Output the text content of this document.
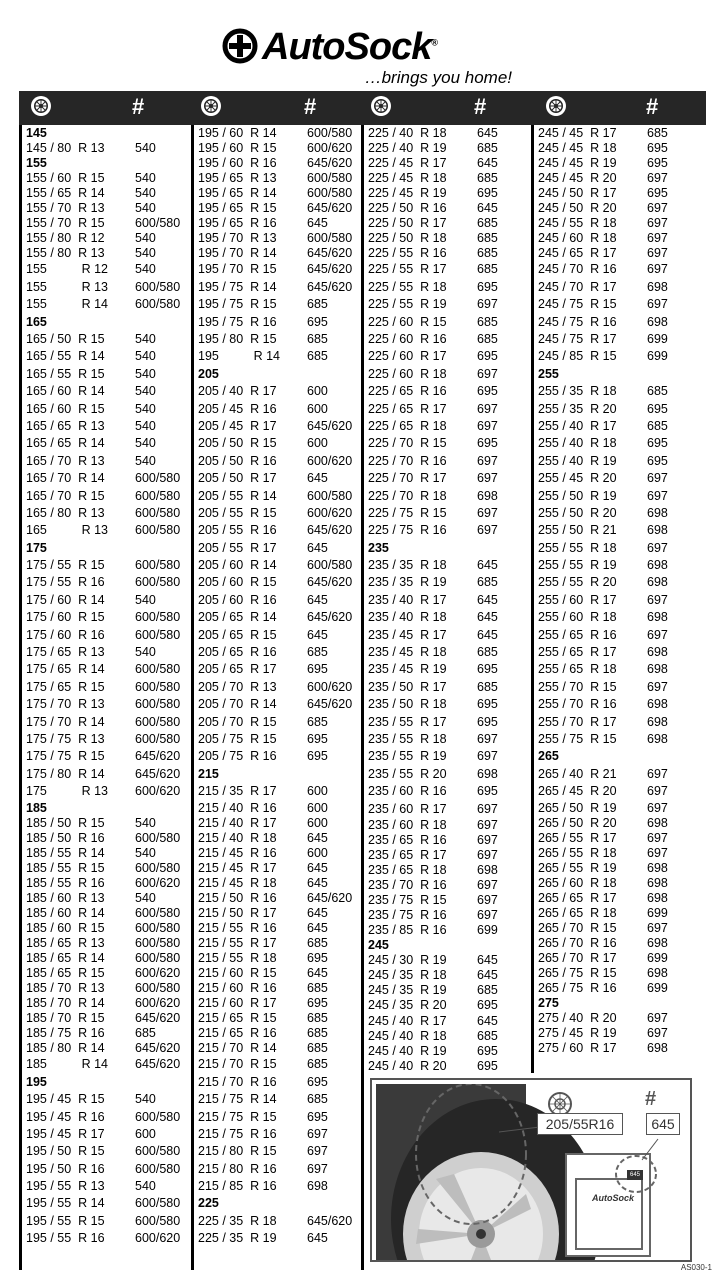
AutoSock®
…brings you home!
#	#	#	#
145
145 / 80  R 13 540
155
155 / 60  R 15 540
155 / 65  R 14 540
155 / 70  R 13 540
155 / 70  R 15 600/580
155 / 80  R 12 540
155 / 80  R 13 540
155          R 12 540
155          R 13 600/580
155          R 14 600/580
165
165 / 50  R 15 540
165 / 55  R 14 540
165 / 55  R 15 540
165 / 60  R 14 540
165 / 60  R 15 540
165 / 65  R 13 540
165 / 65  R 14 540
165 / 70  R 13 540
165 / 70  R 14 600/580
165 / 70  R 15 600/580
165 / 80  R 13 600/580
165          R 13 600/580
175
175 / 55  R 15 600/580
175 / 55  R 16 600/580
175 / 60  R 14 540
175 / 60  R 15 600/580
175 / 60  R 16 600/580
175 / 65  R 13 540
175 / 65  R 14 600/580
175 / 65  R 15 600/580
175 / 70  R 13 600/580
175 / 70  R 14 600/580
175 / 75  R 13 600/580
175 / 75  R 15 645/620
175 / 80  R 14 645/620
175          R 13 600/620
185
185 / 50  R 15 540
185 / 50  R 16 600/580
185 / 55  R 14 540
185 / 55  R 15 600/580
185 / 55  R 16 600/620
185 / 60  R 13 540
185 / 60  R 14 600/580
185 / 60  R 15 600/580
185 / 65  R 13 600/580
185 / 65  R 14 600/580
185 / 65  R 15 600/620
185 / 70  R 13 600/580
185 / 70  R 14 600/620
185 / 70  R 15 645/620
185 / 75  R 16 685
185 / 80  R 14 645/620
185          R 14 645/620
195
195 / 45  R 15 540
195 / 45  R 16 600/580
195 / 45  R 17 600
195 / 50  R 15 600/580
195 / 50  R 16 600/580
195 / 55  R 13 540
195 / 55  R 14 600/580
195 / 55  R 15 600/580
195 / 55  R 16 600/620
195 / 60  R 14 600/580
195 / 60  R 15 600/620
195 / 60  R 16 645/620
195 / 65  R 13 600/580
195 / 65  R 14 600/580
195 / 65  R 15 645/620
195 / 65  R 16 645
195 / 70  R 13 600/580
195 / 70  R 14 645/620
195 / 70  R 15 645/620
195 / 75  R 14 645/620
195 / 75  R 15 685
195 / 75  R 16 695
195 / 80  R 15 685
195          R 14 685
205
205 / 40  R 17 600
205 / 45  R 16 600
205 / 45  R 17 645/620
205 / 50  R 15 600
205 / 50  R 16 600/620
205 / 50  R 17 645
205 / 55  R 14 600/580
205 / 55  R 15 600/620
205 / 55  R 16 645/620
205 / 55  R 17 645
205 / 60  R 14 600/580
205 / 60  R 15 645/620
205 / 60  R 16 645
205 / 65  R 14 645/620
205 / 65  R 15 645
205 / 65  R 16 685
205 / 65  R 17 695
205 / 70  R 13 600/620
205 / 70  R 14 645/620
205 / 70  R 15 685
205 / 75  R 15 695
205 / 75  R 16 695
215
215 / 35  R 17 600
215 / 40  R 16 600
215 / 40  R 17 600
215 / 40  R 18 645
215 / 45  R 16 600
215 / 45  R 17 645
215 / 45  R 18 645
215 / 50  R 16 645/620
215 / 50  R 17 645
215 / 55  R 16 645
215 / 55  R 17 685
215 / 55  R 18 695
215 / 60  R 15 645
215 / 60  R 16 685
215 / 60  R 17 695
215 / 65  R 15 685
215 / 65  R 16 685
215 / 70  R 14 685
215 / 70  R 15 685
215 / 70  R 16 695
215 / 75  R 14 685
215 / 75  R 15 695
215 / 75  R 16 697
215 / 80  R 15 697
215 / 80  R 16 697
215 / 85  R 16 698
225
225 / 35  R 18 645/620
225 / 35  R 19 645
225 / 40  R 18 645
225 / 40  R 19 685
225 / 45  R 17 645
225 / 45  R 18 685
225 / 45  R 19 695
225 / 50  R 16 645
225 / 50  R 17 685
225 / 50  R 18 685
225 / 55  R 16 685
225 / 55  R 17 685
225 / 55  R 18 695
225 / 55  R 19 697
225 / 60  R 15 685
225 / 60  R 16 685
225 / 60  R 17 695
225 / 60  R 18 697
225 / 65  R 16 695
225 / 65  R 17 697
225 / 65  R 18 697
225 / 70  R 15 695
225 / 70  R 16 697
225 / 70  R 17 697
225 / 70  R 18 698
225 / 75  R 15 697
225 / 75  R 16 697
235
235 / 35  R 18 645
235 / 35  R 19 685
235 / 40  R 17 645
235 / 40  R 18 645
235 / 45  R 17 645
235 / 45  R 18 685
235 / 45  R 19 695
235 / 50  R 17 685
235 / 50  R 18 695
235 / 55  R 17 695
235 / 55  R 18 697
235 / 55  R 19 697
235 / 55  R 20 698
235 / 60  R 16 695
235 / 60  R 17 697
235 / 60  R 18 697
235 / 65  R 16 697
235 / 65  R 17 697
235 / 65  R 18 698
235 / 70  R 16 697
235 / 75  R 15 697
235 / 75  R 16 697
235 / 85  R 16 699
245
245 / 30  R 19 645
245 / 35  R 18 645
245 / 35  R 19 685
245 / 35  R 20 695
245 / 40  R 17 645
245 / 40  R 18 685
245 / 40  R 19 695
245 / 40  R 20 695
245 / 45  R 17 685
245 / 45  R 18 695
245 / 45  R 19 695
245 / 45  R 20 697
245 / 50  R 17 695
245 / 50  R 20 697
245 / 55  R 18 697
245 / 60  R 18 697
245 / 65  R 17 697
245 / 70  R 16 697
245 / 70  R 17 698
245 / 75  R 15 697
245 / 75  R 16 698
245 / 75  R 17 699
245 / 85  R 15 699
255
255 / 35  R 18 685
255 / 35  R 20 695
255 / 40  R 17 685
255 / 40  R 18 695
255 / 40  R 19 695
255 / 45  R 20 697
255 / 50  R 19 697
255 / 50  R 20 698
255 / 50  R 21 698
255 / 55  R 18 697
255 / 55  R 19 698
255 / 55  R 20 698
255 / 60  R 17 697
255 / 60  R 18 698
255 / 65  R 16 697
255 / 65  R 17 698
255 / 65  R 18 698
255 / 70  R 15 697
255 / 70  R 16 698
255 / 70  R 17 698
255 / 75  R 15 698
265
265 / 40  R 21 697
265 / 45  R 20 697
265 / 50  R 19 697
265 / 50  R 20 698
265 / 55  R 17 697
265 / 55  R 18 697
265 / 55  R 19 698
265 / 60  R 18 698
265 / 65  R 17 698
265 / 65  R 18 699
265 / 70  R 15 697
265 / 70  R 16 698
265 / 70  R 17 699
265 / 75  R 15 698
265 / 75  R 16 699
275
275 / 40  R 20 697
275 / 45  R 19 697
275 / 60  R 17 698
AutoSock
645
205/55R16
#
645
AS030-1
